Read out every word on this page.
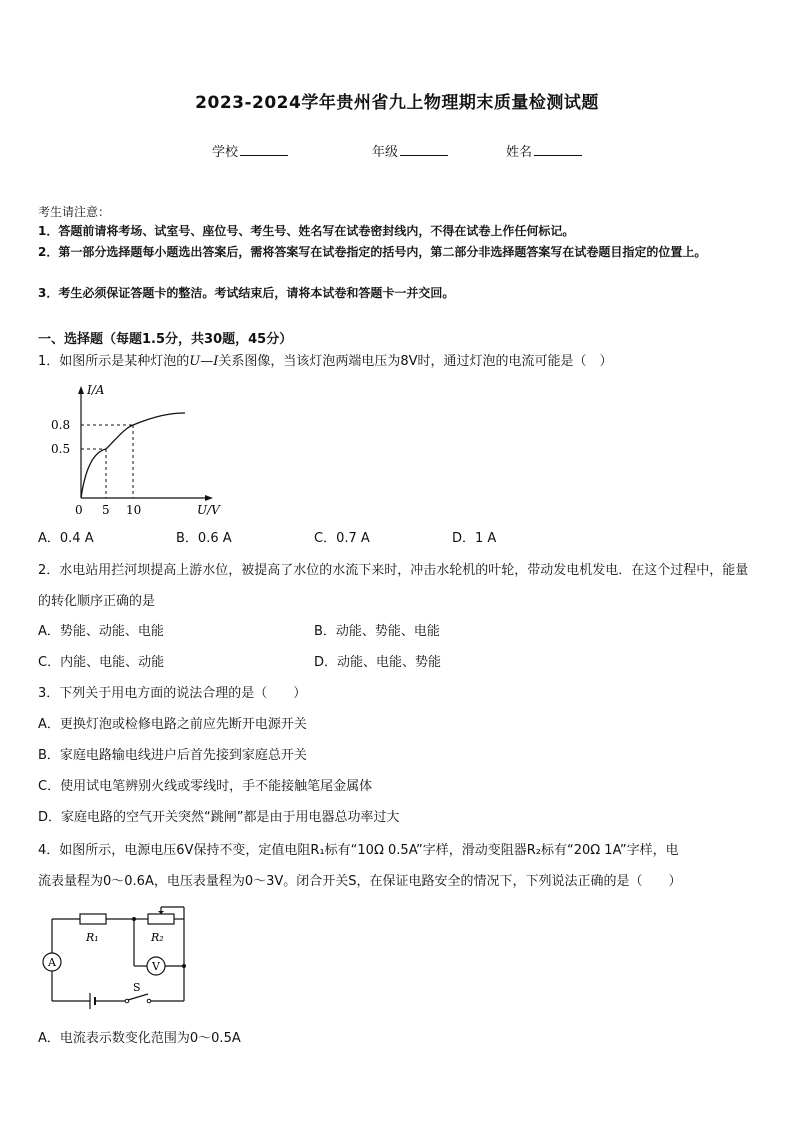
2023-2024学年贵州省九上物理期末质量检测试题
学校	年级	姓名
考生请注意：
1．答题前请将考场、试室号、座位号、考生号、姓名写在试卷密封线内，不得在试卷上作任何标记。
2．第一部分选择题每小题选出答案后，需将答案写在试卷指定的括号内，第二部分非选择题答案写在试卷题目指定的位置上。
3．考生必须保证答题卡的整洁。考试结束后，请将本试卷和答题卡一并交回。
一、选择题（每题1.5分，共30题，45分）
1．如图所示是某种灯泡的U—I关系图像，当该灯泡两端电压为8V时，通过灯泡的电流可能是（　）
I/A
U/V
0.8
0.5
0 5 10
A．0.4 A	B．0.6 A	C．0.7 A	D．1 A
2．水电站用拦河坝提高上游水位，被提高了水位的水流下来时，冲击水轮机的叶轮，带动发电机发电．在这个过程中，能量的转化顺序正确的是
A．势能、动能、电能	B．动能、势能、电能
C．内能、电能、动能	D．动能、电能、势能
3．下列关于用电方面的说法合理的是（　　）
A．更换灯泡或检修电路之前应先断开电源开关
B．家庭电路输电线进户后首先接到家庭总开关
C．使用试电笔辨别火线或零线时，手不能接触笔尾金属体
D．家庭电路的空气开关突然“跳闸”都是由于用电器总功率过大
4．如图所示，电源电压6V保持不变，定值电阻R₁标有“10Ω 0.5A”字样，滑动变阻器R₂标有“20Ω 1A”字样，电
流表量程为0～0.6A，电压表量程为0～3V。闭合开关S，在保证电路安全的情况下，下列说法正确的是（　　）
R₁	R₂
A	V
S
A．电流表示数变化范围为0～0.5A
